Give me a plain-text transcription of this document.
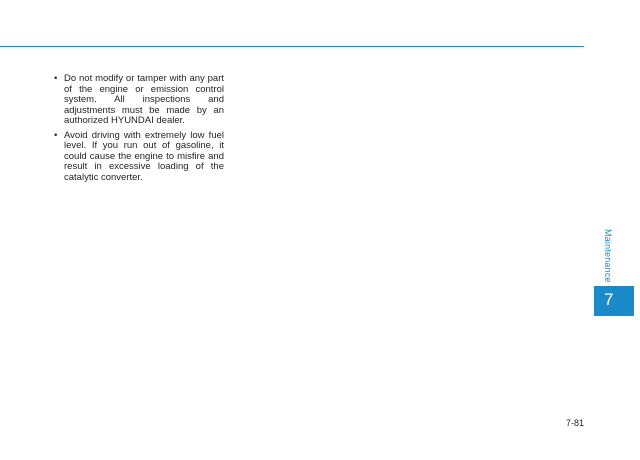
• Do not modify or tamper with any part of the engine or emission control system. All inspections and adjustments must be made by an authorized HYUNDAI dealer.
• Avoid driving with extremely low fuel level. If you run out of gasoline, it could cause the engine to misfire and result in excessive loading of the catalytic converter.
Maintenance
7
7-81
